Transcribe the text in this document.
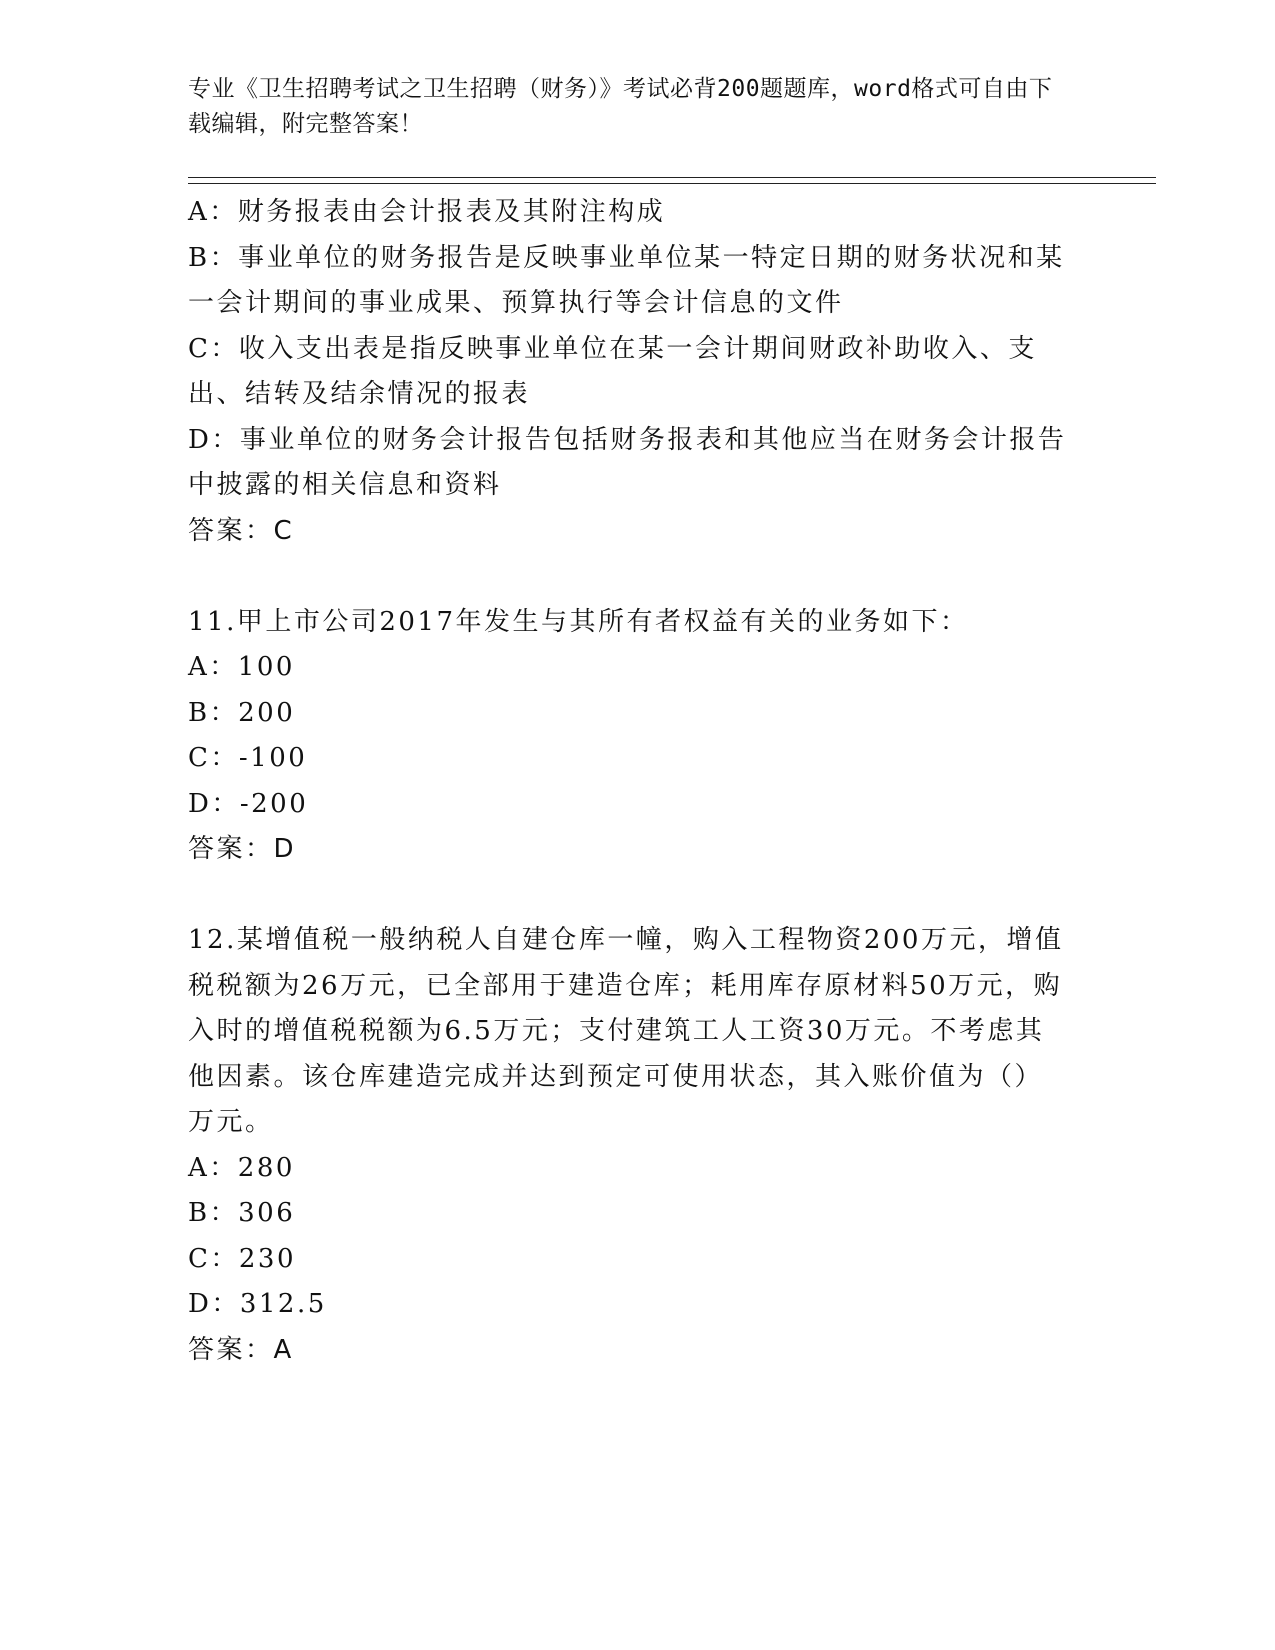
专业《卫生招聘考试之卫生招聘（财务）》考试必背200题题库，word格式可自由下载编辑，附完整答案！

A：财务报表由会计报表及其附注构成

B：事业单位的财务报告是反映事业单位某一特定日期的财务状况和某一会计期间的事业成果、预算执行等会计信息的文件

C：收入支出表是指反映事业单位在某一会计期间财政补助收入、支出、结转及结余情况的报表

D：事业单位的财务会计报告包括财务报表和其他应当在财务会计报告中披露的相关信息和资料

答案：C

11.甲上市公司2017年发生与其所有者权益有关的业务如下：

A：100

B：200

C：-100

D：-200

答案：D

12.某增值税一般纳税人自建仓库一幢，购入工程物资200万元，增值税税额为26万元，已全部用于建造仓库；耗用库存原材料50万元，购入时的增值税税额为6.5万元；支付建筑工人工资30万元。不考虑其他因素。该仓库建造完成并达到预定可使用状态，其入账价值为（）万元。

A：280

B：306

C：230

D：312.5

答案：A
